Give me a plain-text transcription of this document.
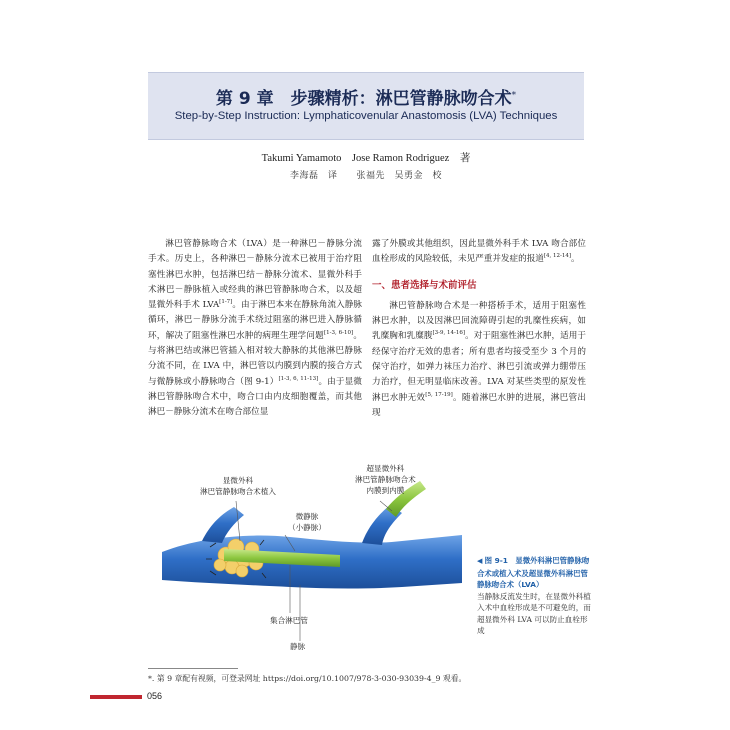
第 9 章　步骤精析：淋巴管静脉吻合术*
Step-by-Step Instruction: Lymphaticovenular Anastomosis (LVA) Techniques
Takumi Yamamoto　Jose Ramon Rodriguez　著
李海磊　译　　张福先　吴勇金　校

淋巴管静脉吻合术（LVA）是一种淋巴－静脉分流手术。历史上，各种淋巴－静脉分流术已被用于治疗阻塞性淋巴水肿，包括淋巴结－静脉分流术、显微外科手术淋巴－静脉植入或经典的淋巴管静脉吻合术，以及超显微外科手术 LVA[1-7]。由于淋巴本来在静脉角流入静脉循环，淋巴－静脉分流手术绕过阻塞的淋巴进入静脉循环，解决了阻塞性淋巴水肿的病理生理学问题[1-3, 6-10]。与将淋巴结或淋巴管插入相对较大静脉的其他淋巴静脉分流不同，在 LVA 中，淋巴管以内膜到内膜的接合方式与微静脉或小静脉吻合（图 9-1）[1-3, 6, 11-13]。由于显微淋巴管静脉吻合术中，吻合口由内皮细胞覆盖，而其他淋巴－静脉分流术在吻合部位显

露了外膜或其他组织，因此显微外科手术 LVA 吻合部位血栓形成的风险较低，未见严重并发症的报道[4, 12-14]。

一、患者选择与术前评估

淋巴管静脉吻合术是一种搭桥手术，适用于阻塞性淋巴水肿，以及因淋巴回流障碍引起的乳糜性疾病，如乳糜胸和乳糜腹[3-9, 14-16]。对于阻塞性淋巴水肿，适用于经保守治疗无效的患者；所有患者均接受至少 3 个月的保守治疗，如弹力袜压力治疗、淋巴引流或弹力绷带压力治疗，但无明显临床改善。LVA 对某些类型的原发性淋巴水肿无效[5, 17-19]。随着淋巴水肿的进展，淋巴管出现

显微外科
淋巴管静脉吻合术植入
超显微外科
淋巴管静脉吻合术
内膜到内膜
微静脉
（小静脉）
集合淋巴管
静脉
◀ 图 9-1　显微外科淋巴管静脉吻合术或植入术及超显微外科淋巴管静脉吻合术（LVA）
当静脉反流发生时，在显微外科植入术中血栓形成是不可避免的，而超显微外科 LVA 可以防止血栓形成
*. 第 9 章配有视频，可登录网址 https://doi.org/10.1007/978-3-030-93039-4_9 观看。
056
